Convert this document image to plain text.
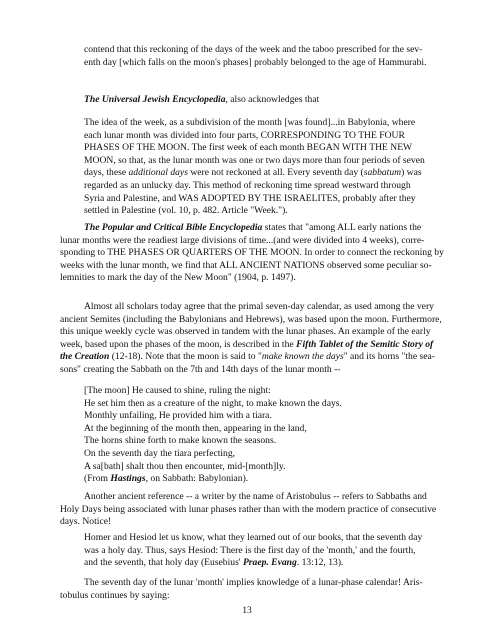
contend that this reckoning of the days of the week and the taboo prescribed for the sev-
enth day [which falls on the moon's phases] probably belonged to the age of Hammurabi.
The Universal Jewish Encyclopedia, also acknowledges that
The idea of the week, as a subdivision of the month [was found]...in Babylonia, where
each lunar month was divided into four parts, CORRESPONDING TO THE FOUR
PHASES OF THE MOON. The first week of each month BEGAN WITH THE NEW
MOON, so that, as the lunar month was one or two days more than four periods of seven
days, these additional days were not reckoned at all. Every seventh day (sabbatum) was
regarded as an unlucky day. This method of reckoning time spread westward through
Syria and Palestine, and WAS ADOPTED BY THE ISRAELITES, probably after they
settled in Palestine (vol. 10, p. 482. Article "Week.").
The Popular and Critical Bible Encyclopedia states that "among ALL early nations the
lunar months were the readiest large divisions of time...(and were divided into 4 weeks), corre-
sponding to THE PHASES OR QUARTERS OF THE MOON. In order to connect the reckoning by
weeks with the lunar month, we find that ALL ANCIENT NATIONS observed some peculiar so-
lemnities to mark the day of the New Moon" (1904, p. 1497).
Almost all scholars today agree that the primal seven-day calendar, as used among the very
ancient Semites (including the Babylonians and Hebrews), was based upon the moon. Furthermore,
this unique weekly cycle was observed in tandem with the lunar phases. An example of the early
week, based upon the phases of the moon, is described in the Fifth Tablet of the Semitic Story of
the Creation (12-18). Note that the moon is said to "make known the days" and its horns "the sea-
sons" creating the Sabbath on the 7th and 14th days of the lunar month --
[The moon] He caused to shine, ruling the night:
He set him then as a creature of the night, to make known the days.
Monthly unfailing, He provided him with a tiara.
At the beginning of the month then, appearing in the land,
The horns shine forth to make known the seasons.
On the seventh day the tiara perfecting,
A sa[bath] shalt thou then encounter, mid-[month]ly.
(From Hastings, on Sabbath: Babylonian).
Another ancient reference -- a writer by the name of Aristobulus -- refers to Sabbaths and
Holy Days being associated with lunar phases rather than with the modern practice of consecutive
days. Notice!
Homer and Hesiod let us know, what they learned out of our books, that the seventh day
was a holy day. Thus, says Hesiod: There is the first day of the 'month,' and the fourth,
and the seventh, that holy day (Eusebius' Praep. Evang. 13:12, 13).
The seventh day of the lunar 'month' implies knowledge of a lunar-phase calendar! Aris-
tobulus continues by saying:
13
